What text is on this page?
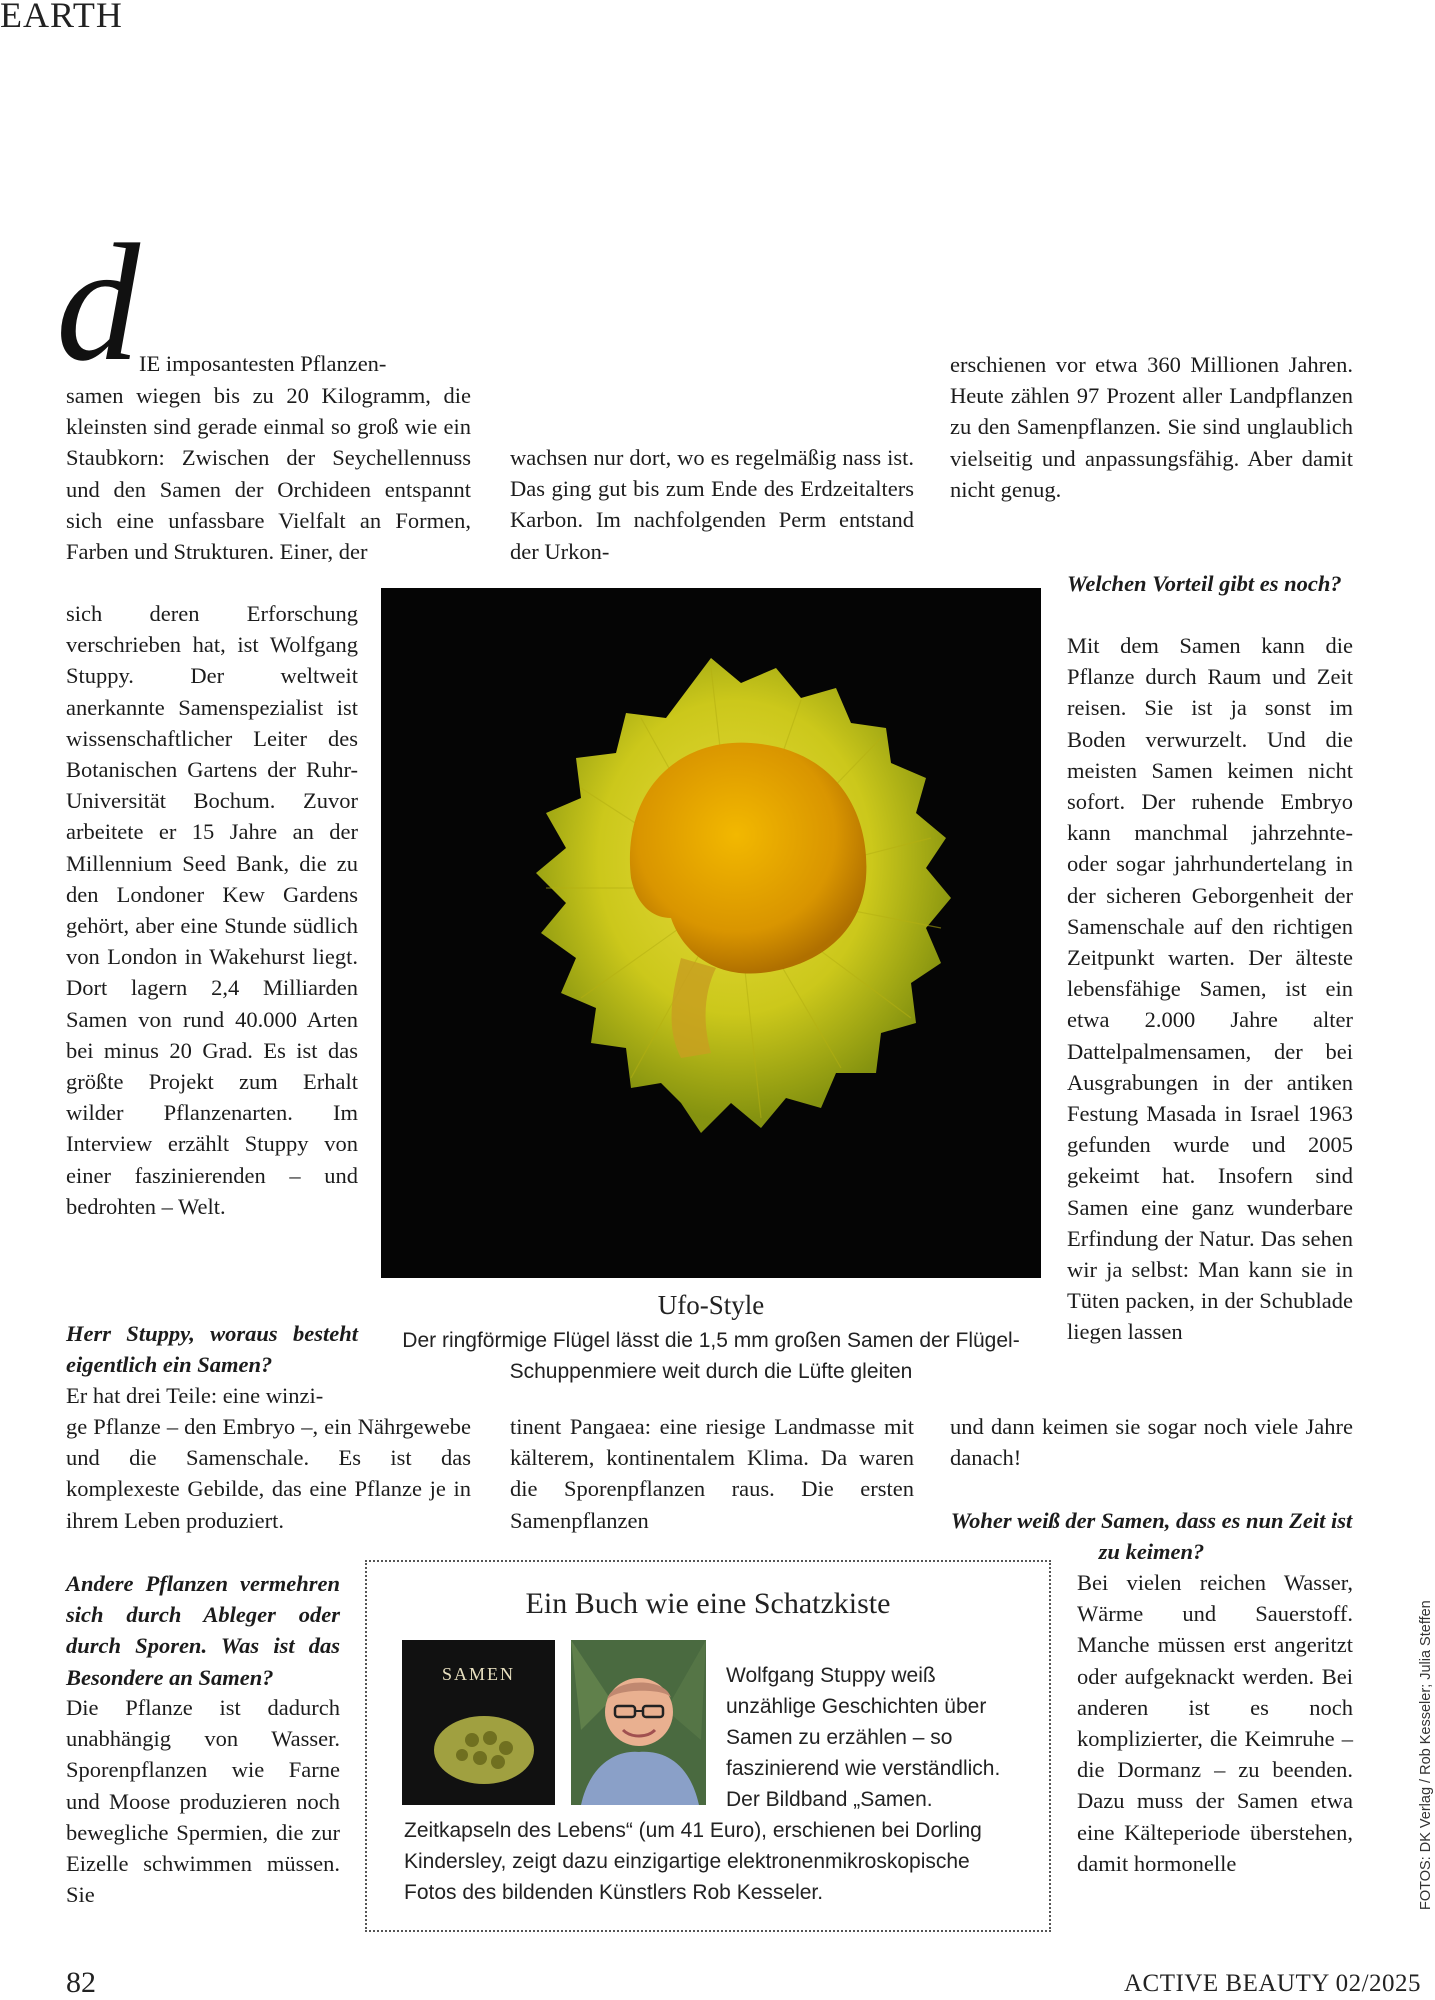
EARTH
d IE imposantesten Pflanzen-
samen wiegen bis zu 20 Kilogramm, die kleinsten sind gerade einmal so groß wie ein Staubkorn: Zwischen der Seychellennuss und den Samen der Orchideen entspannt sich eine unfassbare Vielfalt an Formen, Farben und Strukturen. Einer, der
sich deren Erforschung verschrieben hat, ist Wolfgang Stuppy. Der weltweit anerkannte Samenspezialist ist wissenschaftlicher Leiter des Botanischen Gartens der Ruhr-Universität Bochum. Zuvor arbeitete er 15 Jahre an der Millennium Seed Bank, die zu den Londoner Kew Gardens gehört, aber eine Stunde südlich von London in Wakehurst liegt. Dort lagern 2,4 Milliarden Samen von rund 40.000 Arten bei minus 20 Grad. Es ist das größte Projekt zum Erhalt wilder Pflanzenarten. Im Interview erzählt Stuppy von einer faszinierenden – und bedrohten – Welt.
Herr Stuppy, woraus besteht eigentlich ein Samen?
Er hat drei Teile: eine winzi-
ge Pflanze – den Embryo –, ein Nährgewebe und die Samenschale. Es ist das komplexeste Gebilde, das eine Pflanze je in ihrem Leben produziert.
Andere Pflanzen vermehren sich durch Ableger oder durch Sporen. Was ist das Besondere an Samen?
Die Pflanze ist dadurch unabhängig von Wasser. Sporenpflanzen wie Farne und Moose produzieren noch bewegliche Spermien, die zur Eizelle schwimmen müssen. Sie
wachsen nur dort, wo es regelmäßig nass ist. Das ging gut bis zum Ende des Erdzeitalters Karbon. Im nachfolgenden Perm entstand der Urkon-
tinent Pangaea: eine riesige Landmasse mit kälterem, kontinentalem Klima. Da waren die Sporenpflanzen raus. Die ersten Samenpflanzen
erschienen vor etwa 360 Millionen Jahren. Heute zählen 97 Prozent aller Landpflanzen zu den Samenpflanzen. Sie sind unglaublich vielseitig und anpassungsfähig. Aber damit nicht genug.
Welchen Vorteil gibt es noch?
Mit dem Samen kann die Pflanze durch Raum und Zeit reisen. Sie ist ja sonst im Boden verwurzelt. Und die meisten Samen keimen nicht sofort. Der ruhende Embryo kann manchmal jahrzehnte- oder sogar jahrhundertelang in der sicheren Geborgenheit der Samenschale auf den richtigen Zeitpunkt warten. Der älteste lebensfähige Samen, ist ein etwa 2.000 Jahre alter Dattelpalmensamen, der bei Ausgrabungen in der antiken Festung Masada in Israel 1963 gefunden wurde und 2005 gekeimt hat. Insofern sind Samen eine ganz wunderbare Erfindung der Natur. Das sehen wir ja selbst: Man kann sie in Tüten packen, in der Schublade liegen lassen
und dann keimen sie sogar noch viele Jahre danach!
Woher weiß der Samen, dass es nun Zeit ist zu keimen?
Bei vielen reichen Wasser, Wärme und Sauerstoff. Manche müssen erst angeritzt oder aufgeknackt werden. Bei anderen ist es noch komplizierter, die Keimruhe – die Dormanz – zu beenden. Dazu muss der Samen etwa eine Kälteperiode überstehen, damit hormonelle
Ufo-Style
Der ringförmige Flügel lässt die 1,5 mm großen Samen der Flügel-Schuppenmiere weit durch die Lüfte gleiten
Ein Buch wie eine Schatzkiste
SAMEN	Wolfgang Stuppy weiß unzählige Geschichten über Samen zu erzählen – so faszinierend wie verständlich. Der Bildband „Samen.
Zeitkapseln des Lebens“ (um 41 Euro), erschienen bei Dorling Kindersley, zeigt dazu einzigartige elektronenmikroskopische Fotos des bildenden Künstlers Rob Kesseler.
82	ACTIVE BEAUTY 02/2025
FOTOS: DK Verlag / Rob Kesseler; Julia Steffen
